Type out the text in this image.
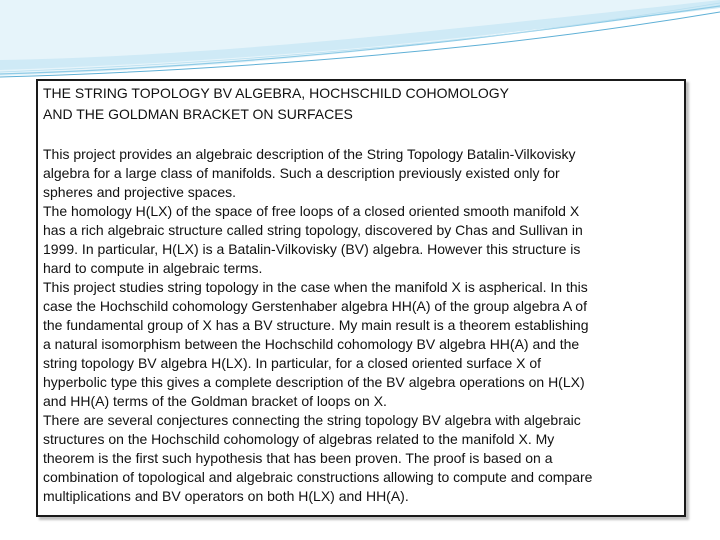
THE STRING TOPOLOGY BV ALGEBRA, HOCHSCHILD COHOMOLOGY
AND THE GOLDMAN BRACKET ON SURFACES
This project provides an algebraic description of the String Topology Batalin-Vilkovisky
algebra for a large class of manifolds. Such a description previously existed only for
spheres and projective spaces.
The homology H(LX) of the space of free loops of a closed oriented smooth manifold X
has a rich algebraic structure called string topology, discovered by Chas and Sullivan in
1999. In particular, H(LX) is a Batalin-Vilkovisky (BV) algebra. However this structure is
hard to compute in algebraic terms.
This project studies string topology in the case when the manifold X is aspherical. In this
case the Hochschild cohomology Gerstenhaber algebra HH(A) of the group algebra A of
the fundamental group of X has a BV structure. My main result is a theorem establishing
a natural isomorphism between the Hochschild cohomology BV algebra HH(A) and the
string topology BV algebra H(LX). In particular, for a closed oriented surface X of
hyperbolic type this gives a complete description of the BV algebra operations on H(LX)
and HH(A) terms of the Goldman bracket of loops on X.
There are several conjectures connecting the string topology BV algebra with algebraic
structures on the Hochschild cohomology of algebras related to the manifold X. My
theorem is the first such hypothesis that has been proven. The proof is based on a
combination of topological and algebraic constructions allowing to compute and compare
multiplications and BV operators on both H(LX) and HH(A).
